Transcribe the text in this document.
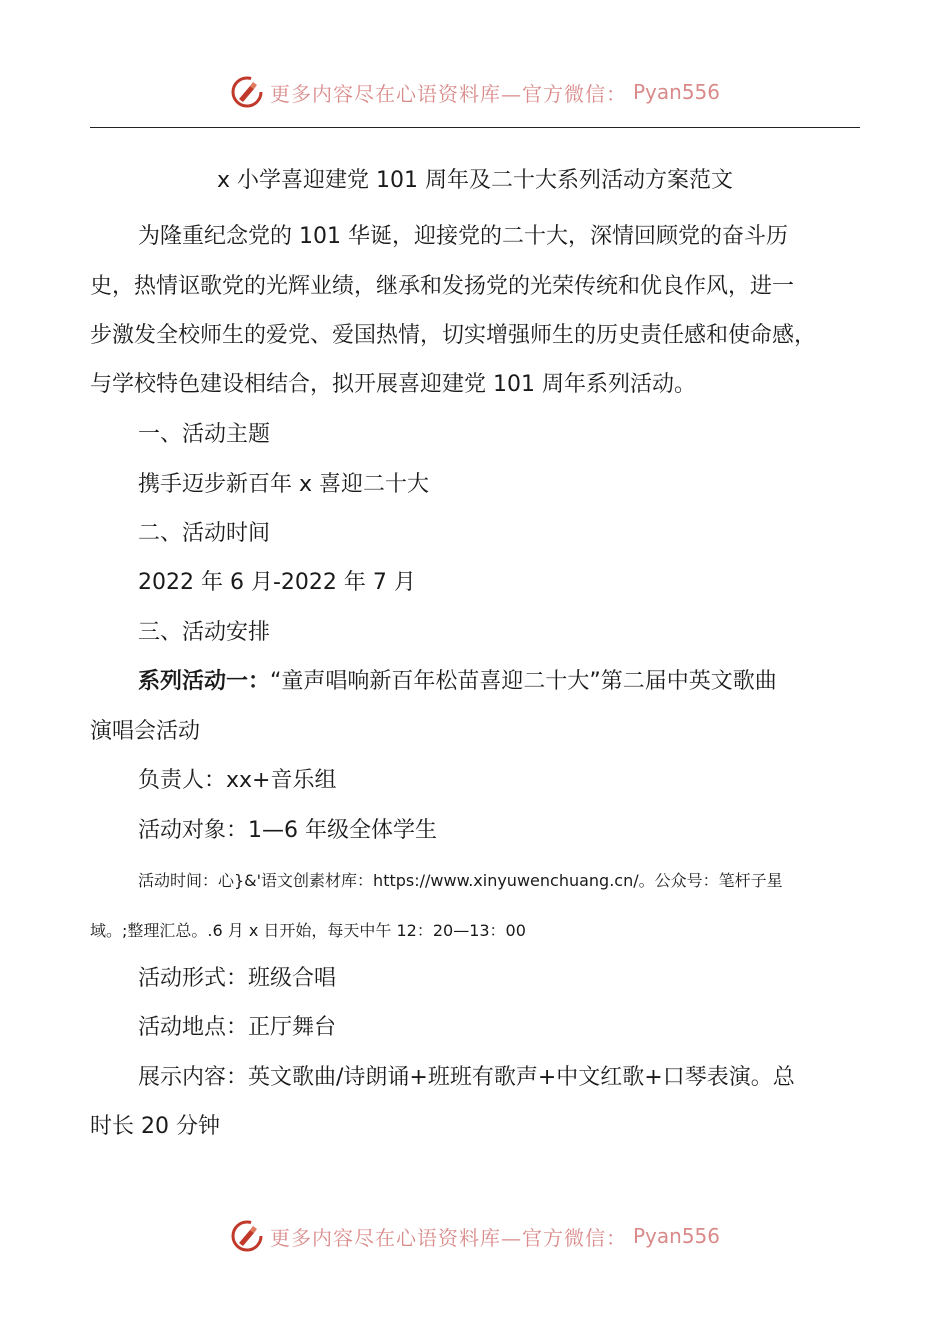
更多内容尽在心语资料库—官方微信： Pyan556
x 小学喜迎建党 101 周年及二十大系列活动方案范文
为隆重纪念党的 101 华诞，迎接党的二十大，深情回顾党的奋斗历
史，热情讴歌党的光辉业绩，继承和发扬党的光荣传统和优良作风，进一
步激发全校师生的爱党、爱国热情，切实增强师生的历史责任感和使命感，
与学校特色建设相结合，拟开展喜迎建党 101 周年系列活动。
一、活动主题
携手迈步新百年 x 喜迎二十大
二、活动时间
2022 年 6 月-2022 年 7 月
三、活动安排
系列活动一：“童声唱响新百年松苗喜迎二十大”第二届中英文歌曲
演唱会活动
负责人：xx+音乐组
活动对象：1—6 年级全体学生
活动时间：心}&'语文创素材库：https://www.xinyuwenchuang.cn/。公众号：笔杆子星
域。;整理汇总。.6 月 x 日开始，每天中午 12：20—13：00
活动形式：班级合唱
活动地点：正厅舞台
展示内容：英文歌曲/诗朗诵+班班有歌声+中文红歌+口琴表演。总
时长 20 分钟
更多内容尽在心语资料库—官方微信： Pyan556
